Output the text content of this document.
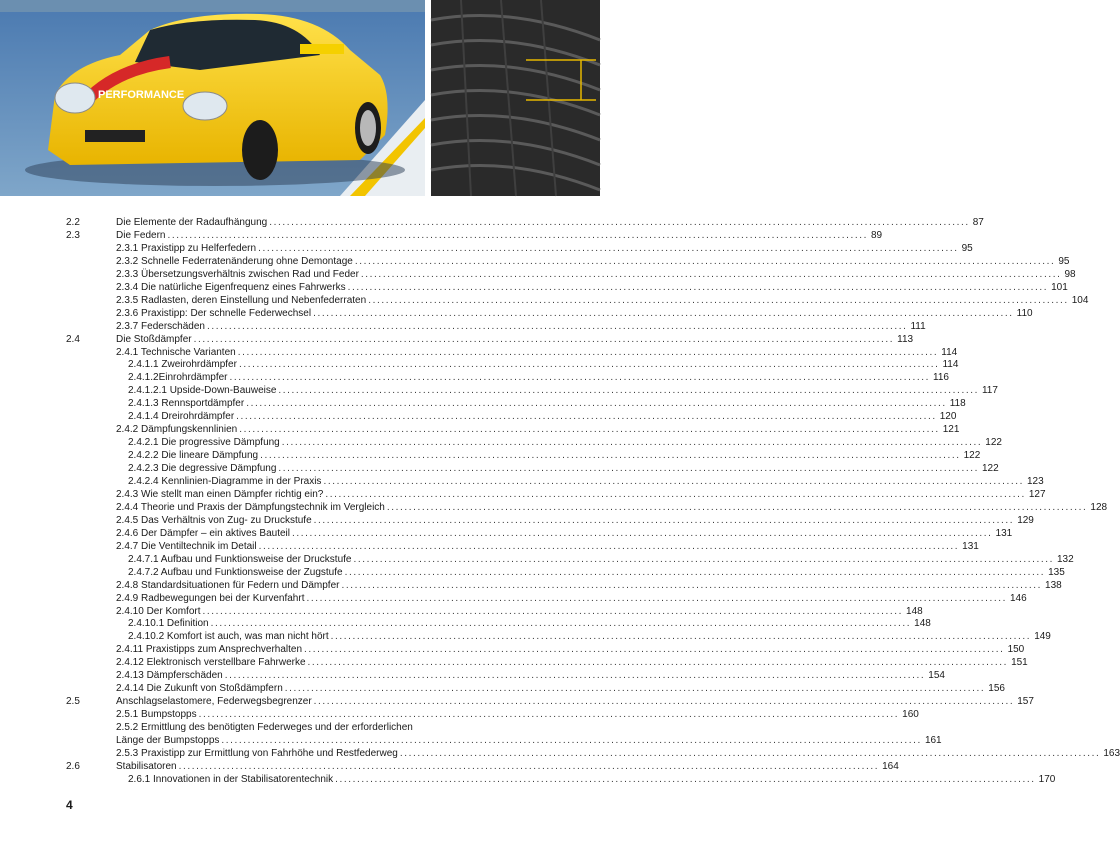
PERFORMANCE
2.2	Die Elemente der Radaufhängung ................................................................................................................................................................ 87
2.3	Die Federn ................................................................................................................................................................ 89
2.3.1 Praxistipp zu Helferfedern ................................................................................................................................................................ 95
2.3.2 Schnelle Federratenänderung ohne Demontage ................................................................................................................................................................ 95
2.3.3 Übersetzungsverhältnis zwischen Rad und Feder ................................................................................................................................................................ 98
2.3.4 Die natürliche Eigenfrequenz eines Fahrwerks ................................................................................................................................................................ 101
2.3.5 Radlasten, deren Einstellung und Nebenfederraten ................................................................................................................................................................ 104
2.3.6 Praxistipp: Der schnelle Federwechsel ................................................................................................................................................................ 110
2.3.7 Federschäden ................................................................................................................................................................ 111
2.4	Die Stoßdämpfer ................................................................................................................................................................ 113
2.4.1 Technische Varianten ................................................................................................................................................................ 114
2.4.1.1 Zweirohrdämpfer ................................................................................................................................................................ 114
2.4.1.2Einrohrdämpfer ................................................................................................................................................................ 116
2.4.1.2.1 Upside-Down-Bauweise ................................................................................................................................................................ 117
2.4.1.3 Rennsportdämpfer ................................................................................................................................................................ 118
2.4.1.4 Dreirohrdämpfer ................................................................................................................................................................ 120
2.4.2 Dämpfungskennlinien ................................................................................................................................................................ 121
2.4.2.1 Die progressive Dämpfung ................................................................................................................................................................ 122
2.4.2.2 Die lineare Dämpfung ................................................................................................................................................................ 122
2.4.2.3 Die degressive Dämpfung ................................................................................................................................................................ 122
2.4.2.4 Kennlinien-Diagramme in der Praxis ................................................................................................................................................................ 123
2.4.3 Wie stellt man einen Dämpfer richtig ein? ................................................................................................................................................................ 127
2.4.4 Theorie und Praxis der Dämpfungstechnik im Vergleich ................................................................................................................................................................ 128
2.4.5 Das Verhältnis von Zug- zu Druckstufe ................................................................................................................................................................ 129
2.4.6 Der Dämpfer – ein aktives Bauteil ................................................................................................................................................................ 131
2.4.7 Die Ventiltechnik im Detail ................................................................................................................................................................ 131
2.4.7.1 Aufbau und Funktionsweise der Druckstufe ................................................................................................................................................................ 132
2.4.7.2 Aufbau und Funktionsweise der Zugstufe ................................................................................................................................................................ 135
2.4.8 Standardsituationen für Federn und Dämpfer ................................................................................................................................................................ 138
2.4.9 Radbewegungen bei der Kurvenfahrt ................................................................................................................................................................ 146
2.4.10 Der Komfort ................................................................................................................................................................ 148
2.4.10.1 Definition ................................................................................................................................................................ 148
2.4.10.2 Komfort ist auch, was man nicht hört ................................................................................................................................................................ 149
2.4.11 Praxistipps zum Ansprechverhalten ................................................................................................................................................................ 150
2.4.12 Elektronisch verstellbare Fahrwerke ................................................................................................................................................................ 151
2.4.13 Dämpferschäden ................................................................................................................................................................ 154
2.4.14 Die Zukunft von Stoßdämpfern ................................................................................................................................................................ 156
2.5	Anschlagselastomere, Federwegsbegrenzer ................................................................................................................................................................ 157
2.5.1 Bumpstopps ................................................................................................................................................................ 160
2.5.2 Ermittlung des benötigten Federweges und der erforderlichen
Länge der Bumpstopps ................................................................................................................................................................ 161
2.5.3 Praxistipp zur Ermittlung von Fahrhöhe und Restfederweg ................................................................................................................................................................ 163
2.6	Stabilisatoren ................................................................................................................................................................ 164
2.6.1 Innovationen in der Stabilisatorentechnik ................................................................................................................................................................ 170
4
